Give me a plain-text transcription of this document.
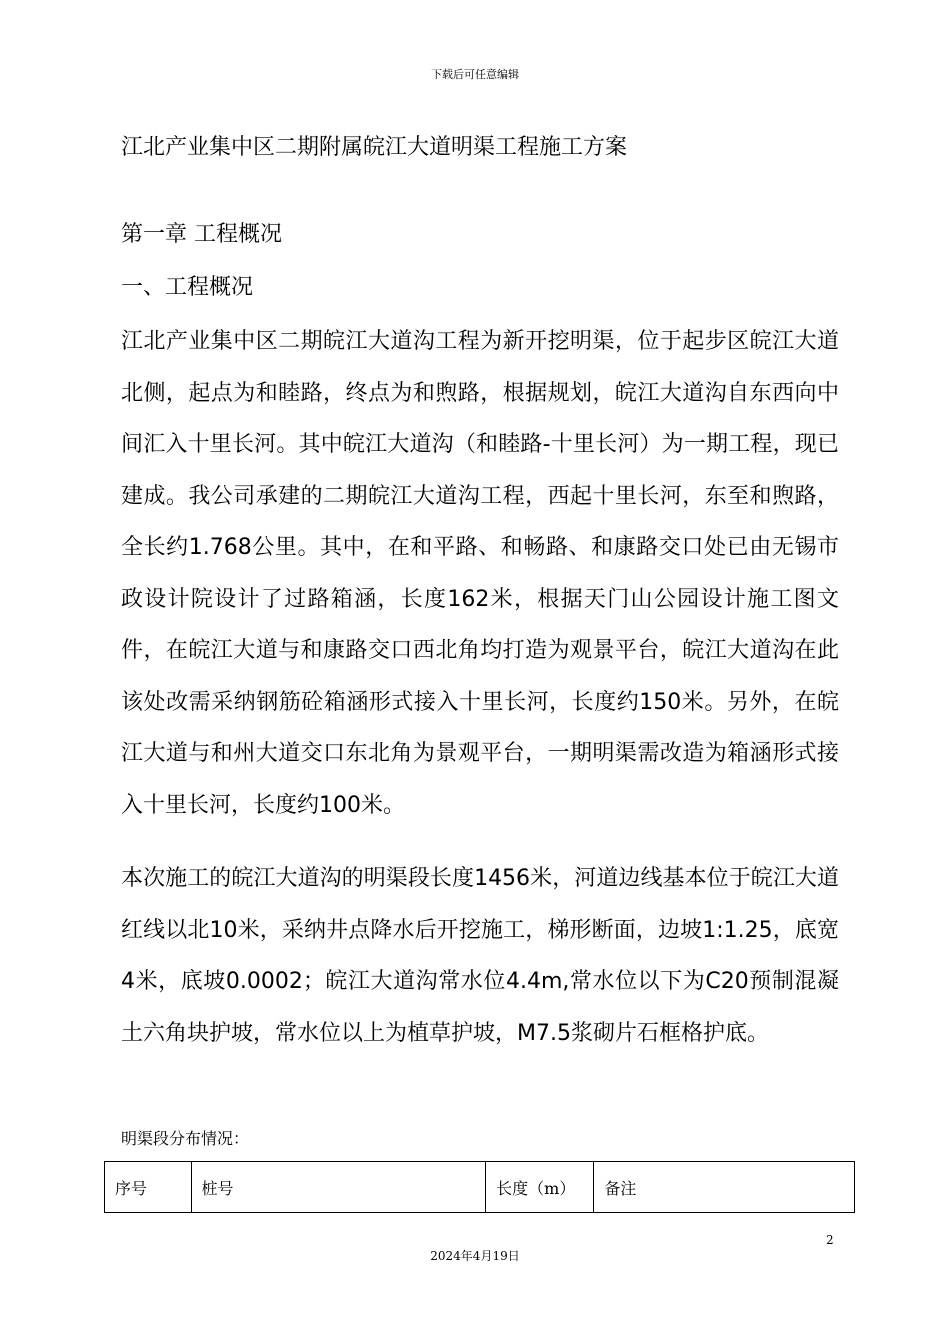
下载后可任意编辑
江北产业集中区二期附属皖江大道明渠工程施工方案
第一章 工程概况
一、工程概况

江北产业集中区二期皖江大道沟工程为新开挖明渠，位于起步区皖江大道北侧，起点为和睦路，终点为和煦路，根据规划，皖江大道沟自东西向中间汇入十里长河。其中皖江大道沟（和睦路-十里长河）为一期工程，现已建成。我公司承建的二期皖江大道沟工程，西起十里长河，东至和煦路，全长约1.768公里。其中，在和平路、和畅路、和康路交口处已由无锡市政设计院设计了过路箱涵，长度162米，根据天门山公园设计施工图文件，在皖江大道与和康路交口西北角均打造为观景平台，皖江大道沟在此该处改需采纳钢筋砼箱涵形式接入十里长河，长度约150米。另外，在皖江大道与和州大道交口东北角为景观平台，一期明渠需改造为箱涵形式接入十里长河，长度约100米。

本次施工的皖江大道沟的明渠段长度1456米，河道边线基本位于皖江大道红线以北10米，采纳井点降水后开挖施工，梯形断面，边坡1:1.25，底宽4米，底坡0.0002；皖江大道沟常水位4.4m,常水位以下为C20预制混凝土六角块护坡，常水位以上为植草护坡，M7.5浆砌片石框格护底。

明渠段分布情况：
序号	桩号	长度（m）	备注
2
2024年4月19日
